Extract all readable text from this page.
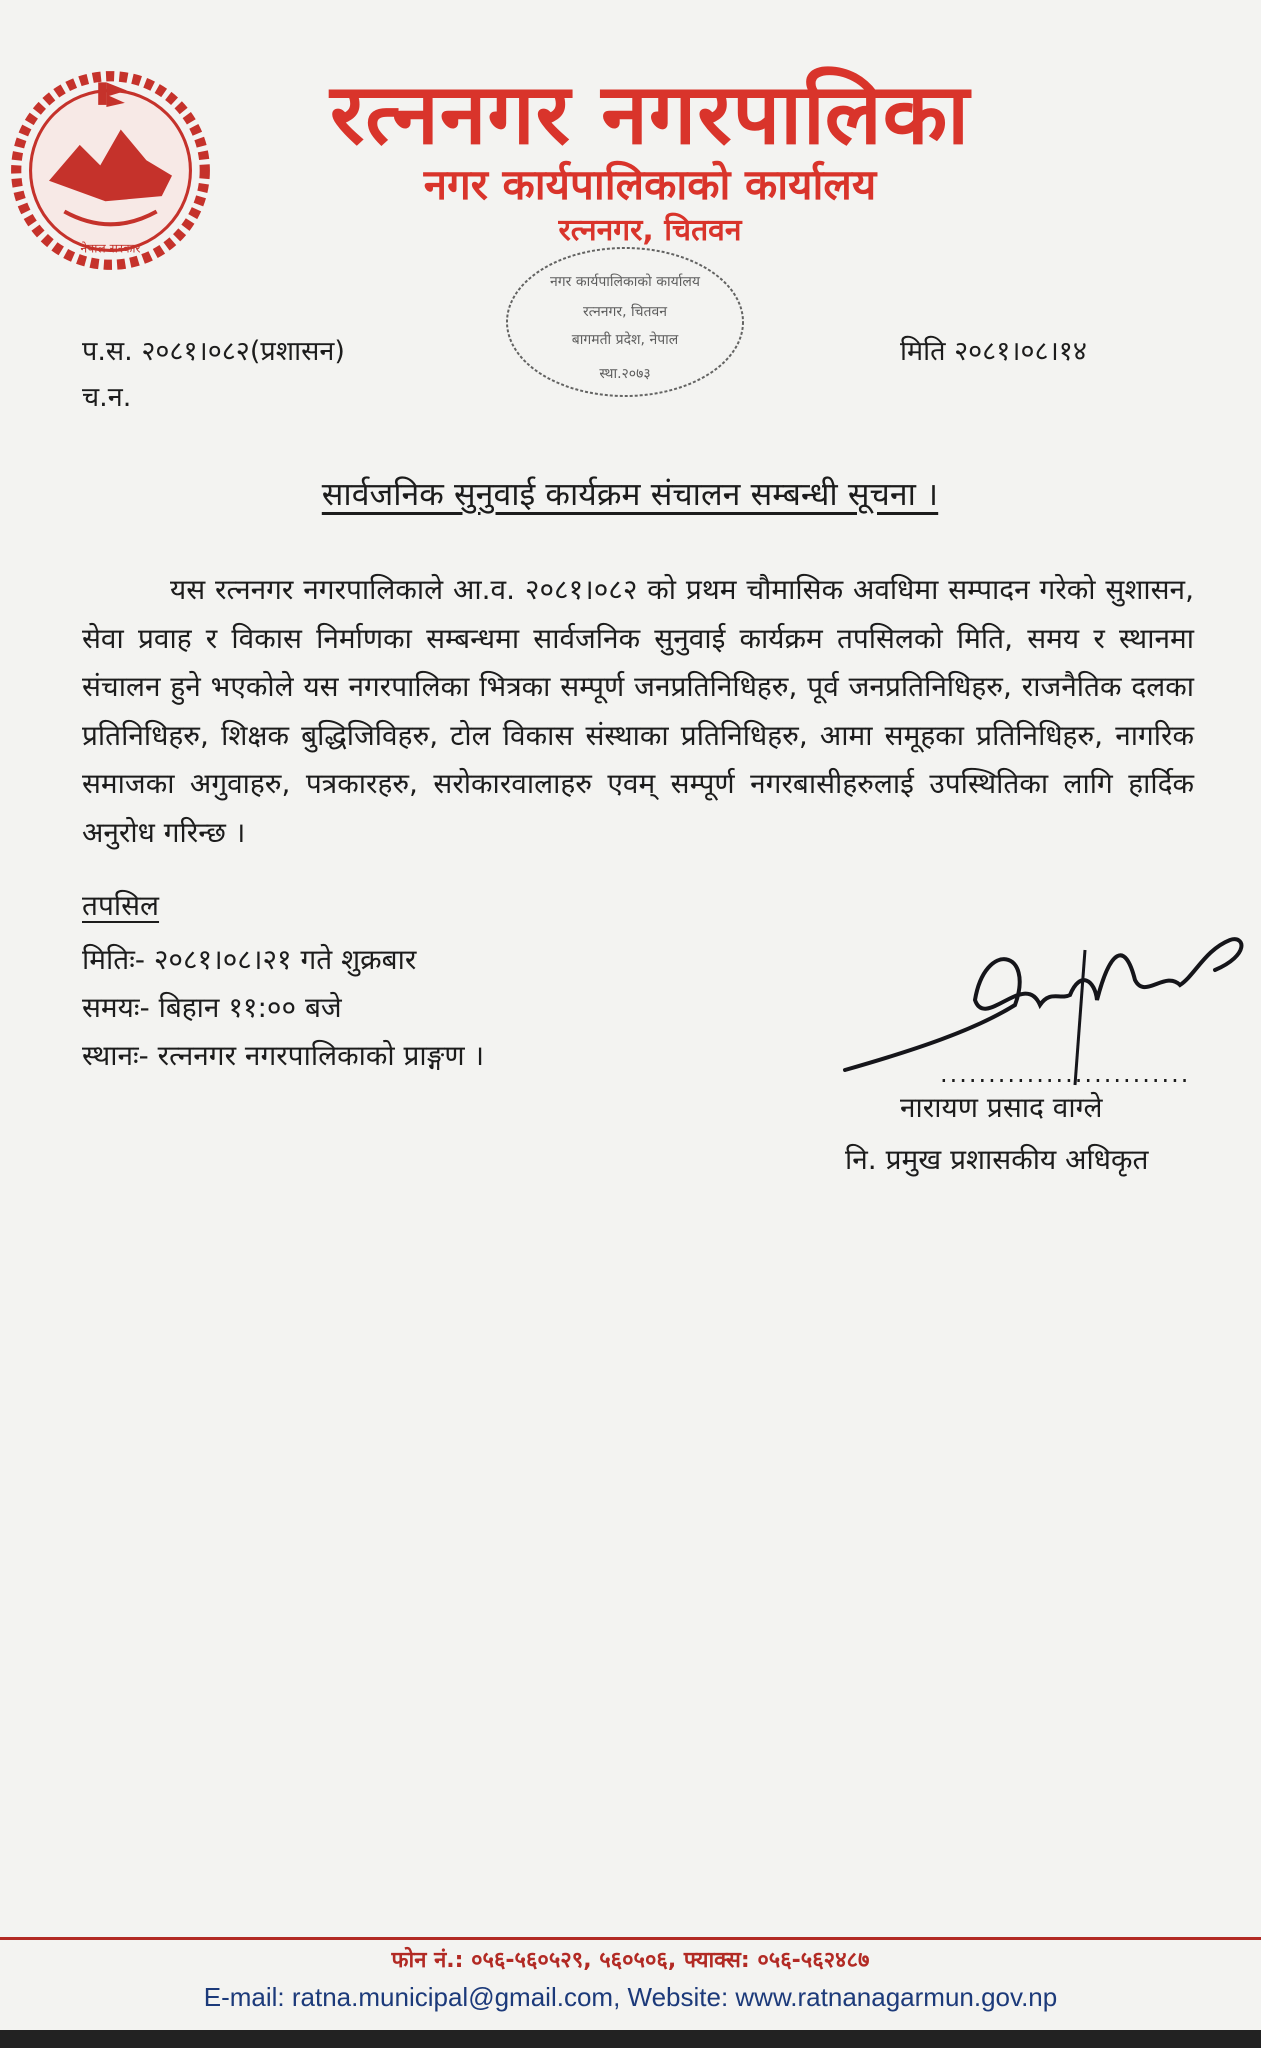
नेपाल सरकार
रत्ननगर नगरपालिका
नगर कार्यपालिकाको कार्यालय
रत्ननगर, चितवन
नगर कार्यपालिकाको कार्यालय
रत्ननगर, चितवन
बागमती प्रदेश, नेपाल
स्था.२०७३
प.स. २०८१।०८२(प्रशासन)
च.न.
मिति २०८१।०८।१४
सार्वजनिक सुनुवाई कार्यक्रम संचालन सम्बन्धी सूचना ।
यस रत्ननगर नगरपालिकाले आ.व. २०८१।०८२ को प्रथम चौमासिक अवधिमा सम्पादन गरेको सुशासन, सेवा प्रवाह र विकास निर्माणका सम्बन्धमा सार्वजनिक सुनुवाई कार्यक्रम तपसिलको मिति, समय र स्थानमा संचालन हुने भएकोले यस नगरपालिका भित्रका सम्पूर्ण जनप्रतिनिधिहरु, पूर्व जनप्रतिनिधिहरु, राजनैतिक दलका प्रतिनिधिहरु, शिक्षक बुद्धिजिविहरु, टोल विकास संस्थाका प्रतिनिधिहरु, आमा समूहका प्रतिनिधिहरु, नागरिक समाजका अगुवाहरु, पत्रकारहरु, सरोकारवालाहरु एवम् सम्पूर्ण नगरबासीहरुलाई उपस्थितिका लागि हार्दिक अनुरोध गरिन्छ ।
तपसिल
मितिः- २०८१।०८।२१ गते शुक्रबार
समयः- बिहान ११:०० बजे
स्थानः- रत्ननगर नगरपालिकाको प्राङ्गण ।
..........................
नारायण प्रसाद वाग्ले
नि. प्रमुख प्रशासकीय अधिकृत
फोन नं.: ०५६-५६०५२९, ५६०५०६, फ्याक्स: ०५६-५६२४८७
E-mail: ratna.municipal@gmail.com, Website: www.ratnanagarmun.gov.np
